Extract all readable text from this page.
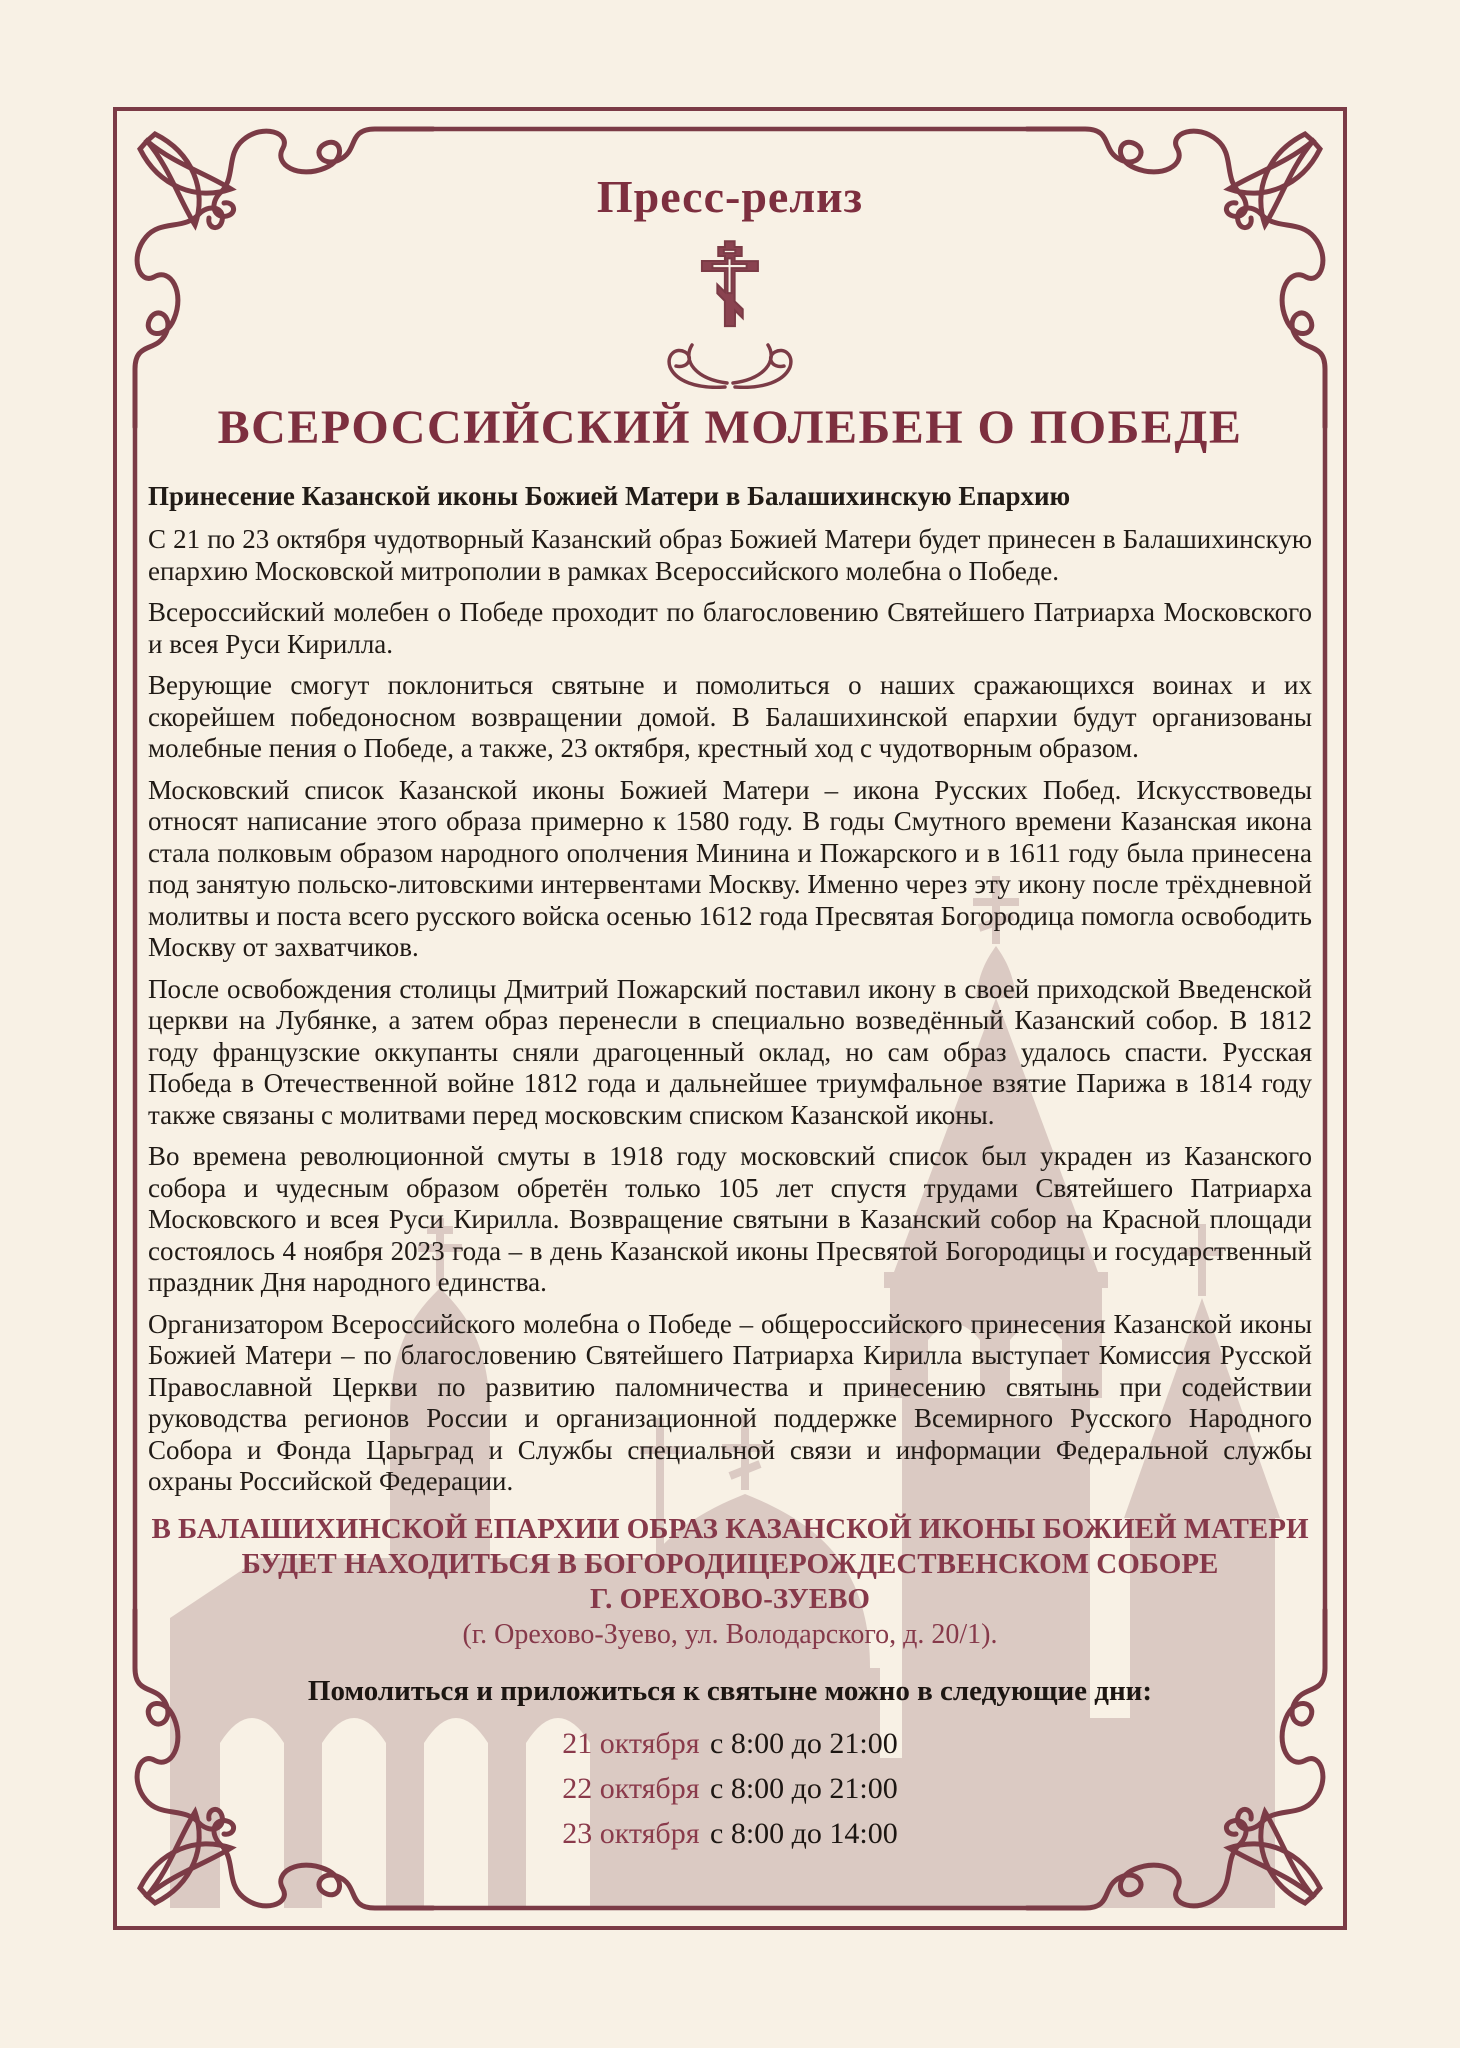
Пресс-релиз
☦
ВСЕРОССИЙСКИЙ МОЛЕБЕН О ПОБЕДЕ

Принесение Казанской иконы Божией Матери в Балашихинскую Епархию

С 21 по 23 октября чудотворный Казанский образ Божией Матери будет принесен в Балашихинскую епархию Московской митрополии в рамках Всероссийского молебна о Победе.

Всероссийский молебен о Победе проходит по благословению Святейшего Патриарха Московского и всея Руси Кирилла.

Верующие смогут поклониться святыне и помолиться о наших сражающихся воинах и их скорейшем победоносном возвращении домой. В Балашихинской епархии будут организованы молебные пения о Победе, а также, 23 октября, крестный ход с чудотворным образом.

Московский список Казанской иконы Божией Матери – икона Русских Побед. Искусствоведы относят написание этого образа примерно к 1580 году. В годы Смутного времени Казанская икона стала полковым образом народного ополчения Минина и Пожарского и в 1611 году была принесена под занятую польско-литовскими интервентами Москву. Именно через эту икону после трёхдневной молитвы и поста всего русского войска осенью 1612 года Пресвятая Богородица помогла освободить Москву от захватчиков.

После освобождения столицы Дмитрий Пожарский поставил икону в своей приходской Введенской церкви на Лубянке, а затем образ перенесли в специально возведённый Казанский собор. В 1812 году французские оккупанты сняли драгоценный оклад, но сам образ удалось спасти. Русская Победа в Отечественной войне 1812 года и дальнейшее триумфальное взятие Парижа в 1814 году также связаны с молитвами перед московским списком Казанской иконы.

Во времена революционной смуты в 1918 году московский список был украден из Казанского собора и чудесным образом обретён только 105 лет спустя трудами Святейшего Патриарха Московского и всея Руси Кирилла. Возвращение святыни в Казанский собор на Красной площади состоялось 4 ноября 2023 года – в день Казанской иконы Пресвятой Богородицы и государственный праздник Дня народного единства.

Организатором Всероссийского молебна о Победе – общероссийского принесения Казанской иконы Божией Матери – по благословению Святейшего Патриарха Кирилла выступает Комиссия Русской Православной Церкви по развитию паломничества и принесению святынь при содействии руководства регионов России и организационной поддержке Всемирного Русского Народного Собора и Фонда Царьград и Службы специальной связи и информации Федеральной службы охраны Российской Федерации.

В БАЛАШИХИНСКОЙ ЕПАРХИИ ОБРАЗ КАЗАНСКОЙ ИКОНЫ БОЖИЕЙ МАТЕРИ
БУДЕТ НАХОДИТЬСЯ В БОГОРОДИЦЕРОЖДЕСТВЕНСКОМ СОБОРЕ
Г. ОРЕХОВО-ЗУЕВО
(г. Орехово-Зуево, ул. Володарского, д. 20/1).
Помолиться и приложиться к святыне можно в следующие дни:
21 октября с 8:00 до 21:00
22 октября с 8:00 до 21:00
23 октября с 8:00 до 14:00
